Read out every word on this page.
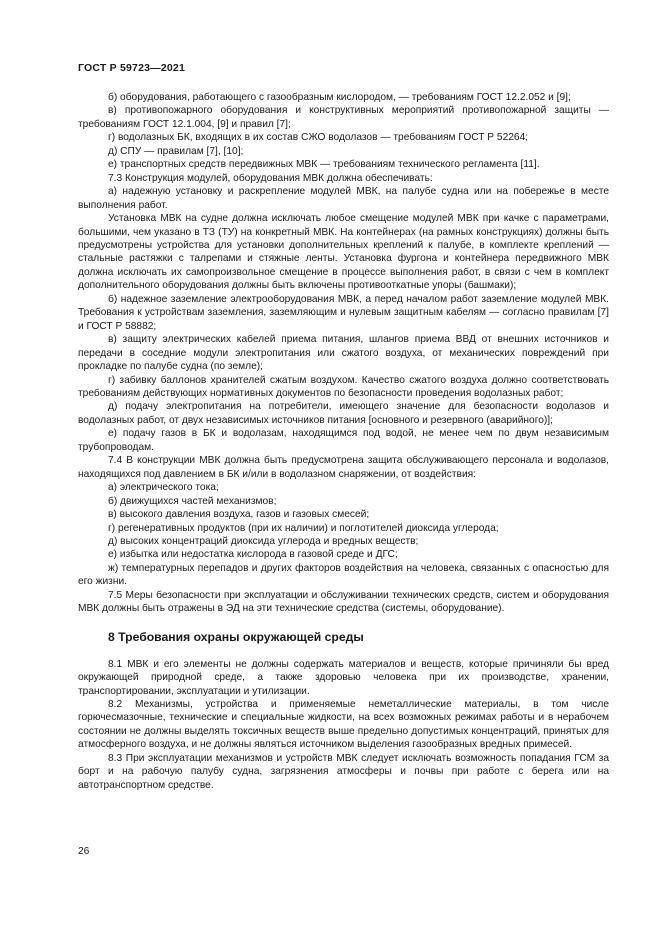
ГОСТ Р 59723—2021

б) оборудования, работающего с газообразным кислородом, — требованиям ГОСТ 12.2.052 и [9];

в) противопожарного оборудования и конструктивных мероприятий противопожарной защиты — требованиям ГОСТ 12.1.004, [9] и правил [7];

г) водолазных БК, входящих в их состав СЖО водолазов — требованиям ГОСТ Р 52264;

д) СПУ — правилам [7], [10];

е) транспортных средств передвижных МВК — требованиям технического регламента [11].

7.3 Конструкция модулей, оборудования МВК должна обеспечивать:

а) надежную установку и раскрепление модулей МВК, на палубе судна или на побережье в месте выполнения работ.

Установка МВК на судне должна исключать любое смещение модулей МВК при качке с параметрами, большими, чем указано в ТЗ (ТУ) на конкретный МВК. На контейнерах (на рамных конструкциях) должны быть предусмотрены устройства для установки дополнительных креплений к палубе, в комплекте креплений — стальные растяжки с талрепами и стяжные ленты. Установка фургона и контейнера передвижного МВК должна исключать их самопроизвольное смещение в процессе выполнения работ, в связи с чем в комплект дополнительного оборудования должны быть включены противооткатные упоры (башмаки);

б) надежное заземление электрооборудования МВК, а перед началом работ заземление модулей МВК. Требования к устройствам заземления, заземляющим и нулевым защитным кабелям — согласно правилам [7] и ГОСТ Р 58882;

в) защиту электрических кабелей приема питания, шлангов приема ВВД от внешних источников и передачи в соседние модули электропитания или сжатого воздуха, от механических повреждений при прокладке по палубе судна (по земле);

г) забивку баллонов хранителей сжатым воздухом. Качество сжатого воздуха должно соответствовать требованиям действующих нормативных документов по безопасности проведения водолазных работ;

д) подачу электропитания на потребители, имеющего значение для безопасности водолазов и водолазных работ, от двух независимых источников питания [основного и резервного (аварийного)];

е) подачу газов в БК и водолазам, находящимся под водой, не менее чем по двум независимым трубопроводам.

7.4 В конструкции МВК должна быть предусмотрена защита обслуживающего персонала и водолазов, находящихся под давлением в БК и/или в водолазном снаряжении, от воздействия:

а) электрического тока;

б) движущихся частей механизмов;

в) высокого давления воздуха, газов и газовых смесей;

г) регенеративных продуктов (при их наличии) и поглотителей диоксида углерода;

д) высоких концентраций диоксида углерода и вредных веществ;

е) избытка или недостатка кислорода в газовой среде и ДГС;

ж) температурных перепадов и других факторов воздействия на человека, связанных с опасностью для его жизни.

7.5 Меры безопасности при эксплуатации и обслуживании технических средств, систем и оборудования МВК должны быть отражены в ЭД на эти технические средства (системы, оборудование).

8 Требования охраны окружающей среды

8.1 МВК и его элементы не должны содержать материалов и веществ, которые причиняли бы вред окружающей природной среде, а также здоровью человека при их производстве, хранении, транспортировании, эксплуатации и утилизации.

8.2 Механизмы, устройства и применяемые неметаллические материалы, в том числе горючесмазочные, технические и специальные жидкости, на всех возможных режимах работы и в нерабочем состоянии не должны выделять токсичных веществ выше предельно допустимых концентраций, принятых для атмосферного воздуха, и не должны являться источником выделения газообразных вредных примесей.

8.3 При эксплуатации механизмов и устройств МВК следует исключать возможность попадания ГСМ за борт и на рабочую палубу судна, загрязнения атмосферы и почвы при работе с берега или на автотранспортном средстве.

26
